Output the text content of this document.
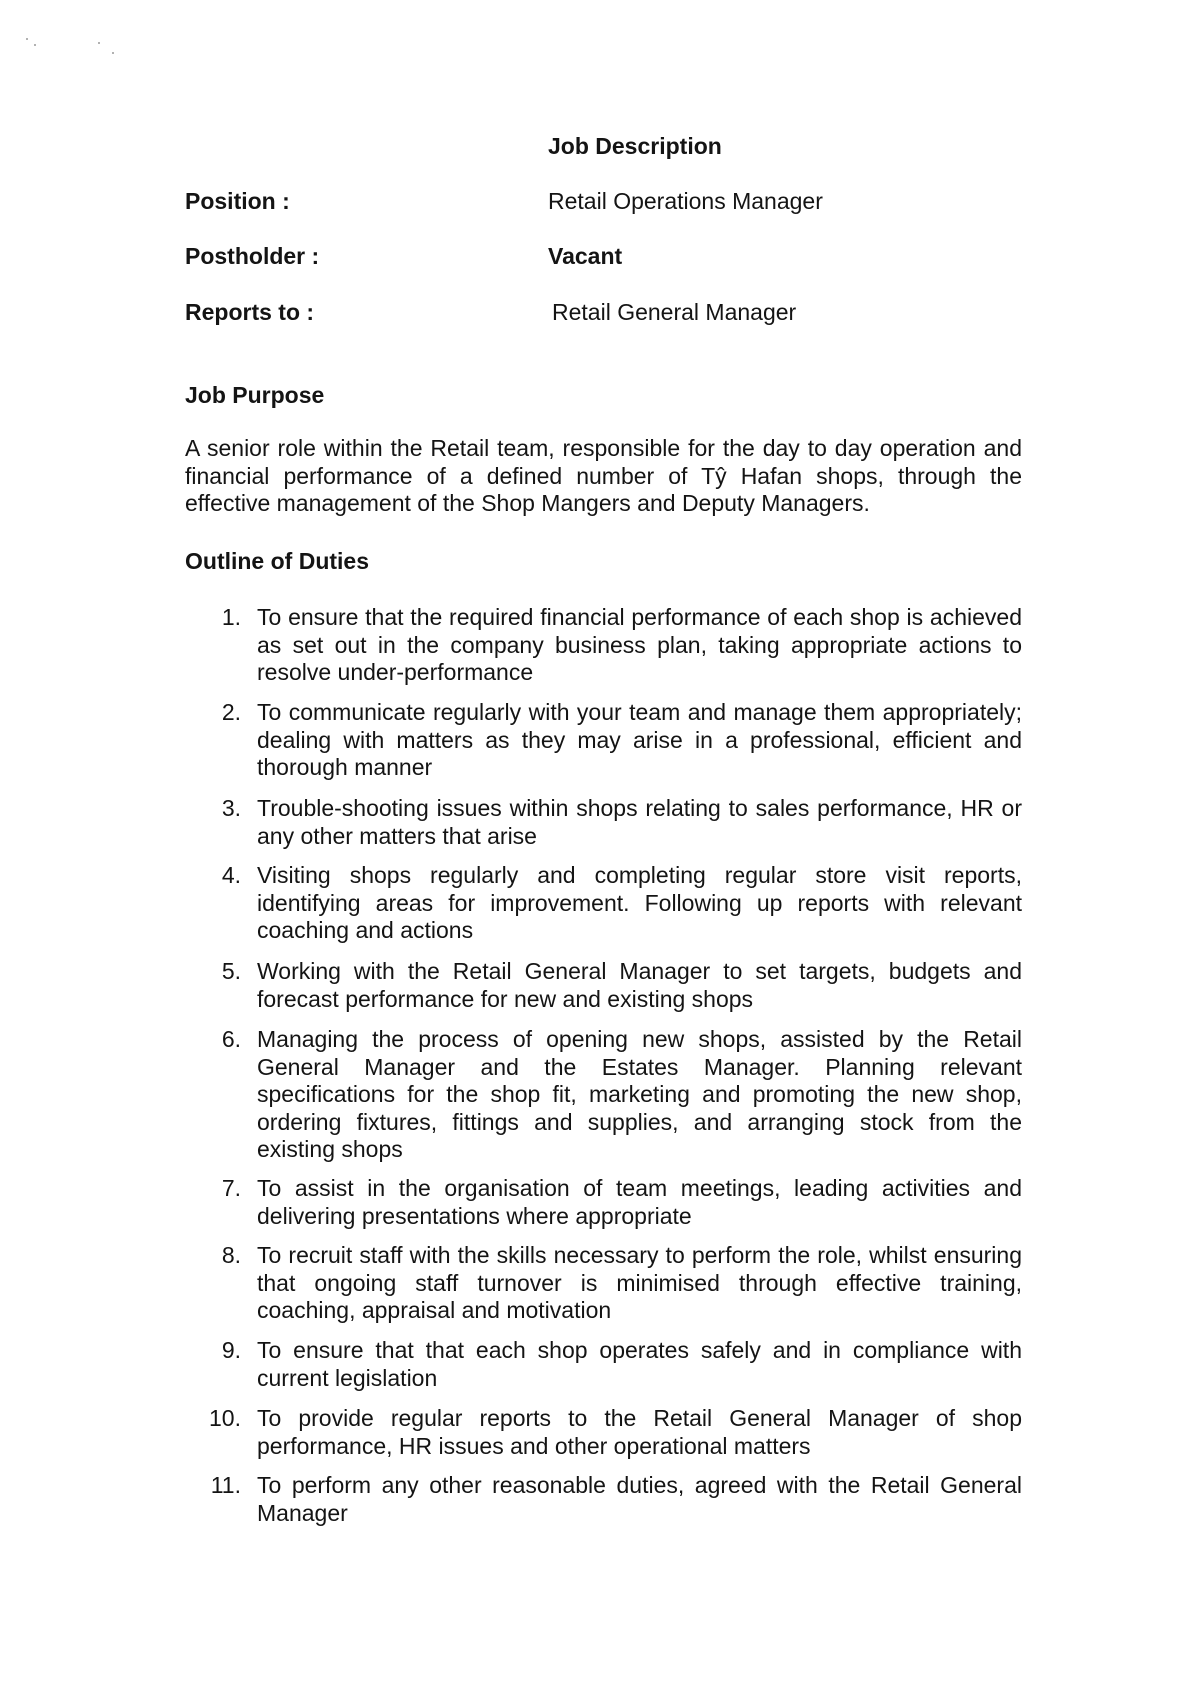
Job Description
Position :	Retail Operations Manager
Postholder :	Vacant
Reports to :	Retail General Manager
Job Purpose

A senior role within the Retail team, responsible for the day to day operation and financial performance of a defined number of Tŷ Hafan shops, through the effective management of the Shop Mangers and Deputy Managers.

Outline of Duties
1. To ensure that the required financial performance of each shop is achieved as set out in the company business plan, taking appropriate actions to resolve under-performance
2. To communicate regularly with your team and manage them appropriately; dealing with matters as they may arise in a professional, efficient and thorough manner
3. Trouble-shooting issues within shops relating to sales performance, HR or any other matters that arise
4. Visiting shops regularly and completing regular store visit reports, identifying areas for improvement. Following up reports with relevant coaching and actions
5. Working with the Retail General Manager to set targets, budgets and forecast performance for new and existing shops
6. Managing the process of opening new shops, assisted by the Retail General Manager and the Estates Manager. Planning relevant specifications for the shop fit, marketing and promoting the new shop, ordering fixtures, fittings and supplies, and arranging stock from the existing shops
7. To assist in the organisation of team meetings, leading activities and delivering presentations where appropriate
8. To recruit staff with the skills necessary to perform the role, whilst ensuring that ongoing staff turnover is minimised through effective training, coaching, appraisal and motivation
9. To ensure that that each shop operates safely and in compliance with current legislation
10. To provide regular reports to the Retail General Manager of shop performance, HR issues and other operational matters
11. To perform any other reasonable duties, agreed with the Retail General Manager
